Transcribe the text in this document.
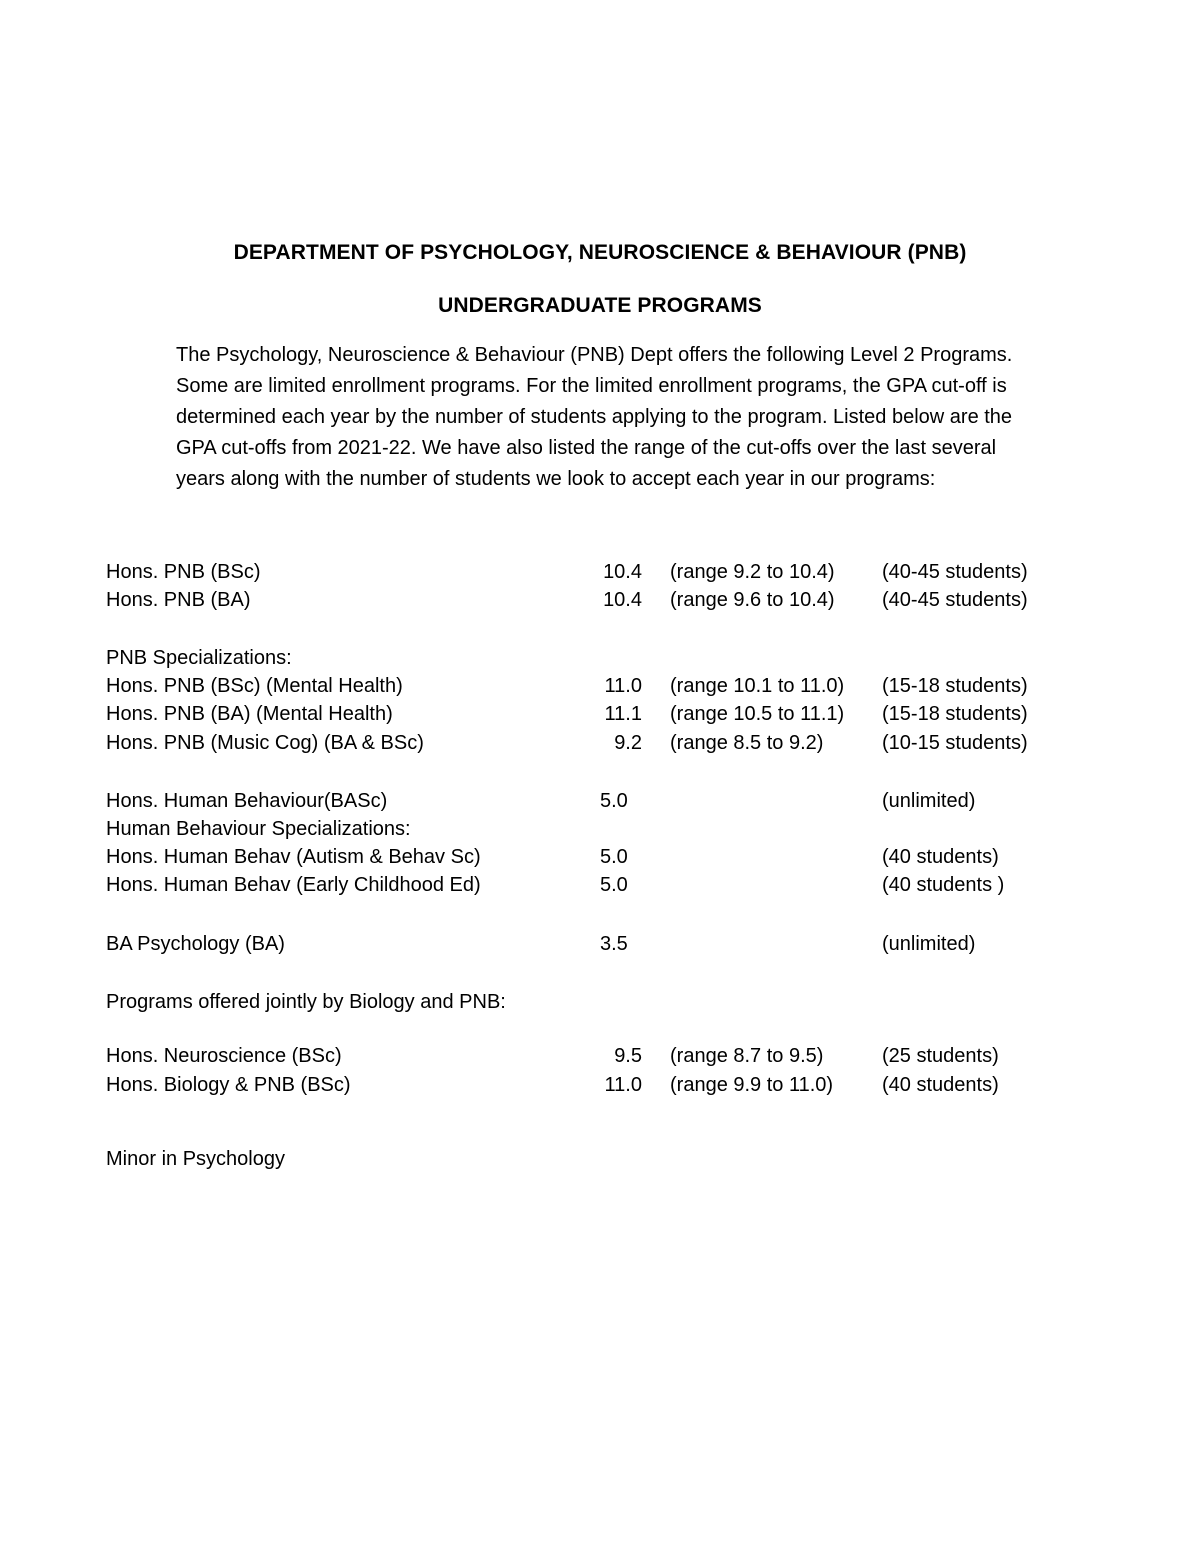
DEPARTMENT OF PSYCHOLOGY, NEUROSCIENCE & BEHAVIOUR (PNB)
UNDERGRADUATE PROGRAMS
The Psychology, Neuroscience & Behaviour (PNB) Dept offers the following Level 2 Programs.
Some are limited enrollment programs. For the limited enrollment programs, the GPA cut-off is
determined each year by the number of students applying to the program. Listed below are the
GPA cut-offs from 2021-22. We have also listed the range of the cut-offs over the last several
years along with the number of students we look to accept each year in our programs:
Hons. PNB (BSc)	10.4 (range 9.2 to 10.4) (40-45 students)
Hons. PNB (BA)	10.4 (range 9.6 to 10.4) (40-45 students)
PNB Specializations:
Hons. PNB (BSc) (Mental Health)	11.0 (range 10.1 to 11.0) (15-18 students)
Hons. PNB (BA) (Mental Health)	11.1 (range 10.5 to 11.1) (15-18 students)
Hons. PNB (Music Cog) (BA & BSc)	9.2 (range 8.5 to 9.2)	(10-15 students)
Hons. Human Behaviour(BASc)	5.0	(unlimited)
Human Behaviour Specializations:
Hons. Human Behav (Autism & Behav Sc)	5.0	(40 students)
Hons. Human Behav (Early Childhood Ed)	5.0	(40 students )
BA Psychology (BA)	3.5	(unlimited)
Programs offered jointly by Biology and PNB:
Hons. Neuroscience (BSc)	9.5 (range 8.7 to 9.5)	(25 students)
Hons. Biology & PNB (BSc)	11.0 (range 9.9 to 11.0) (40 students)
Minor in Psychology
